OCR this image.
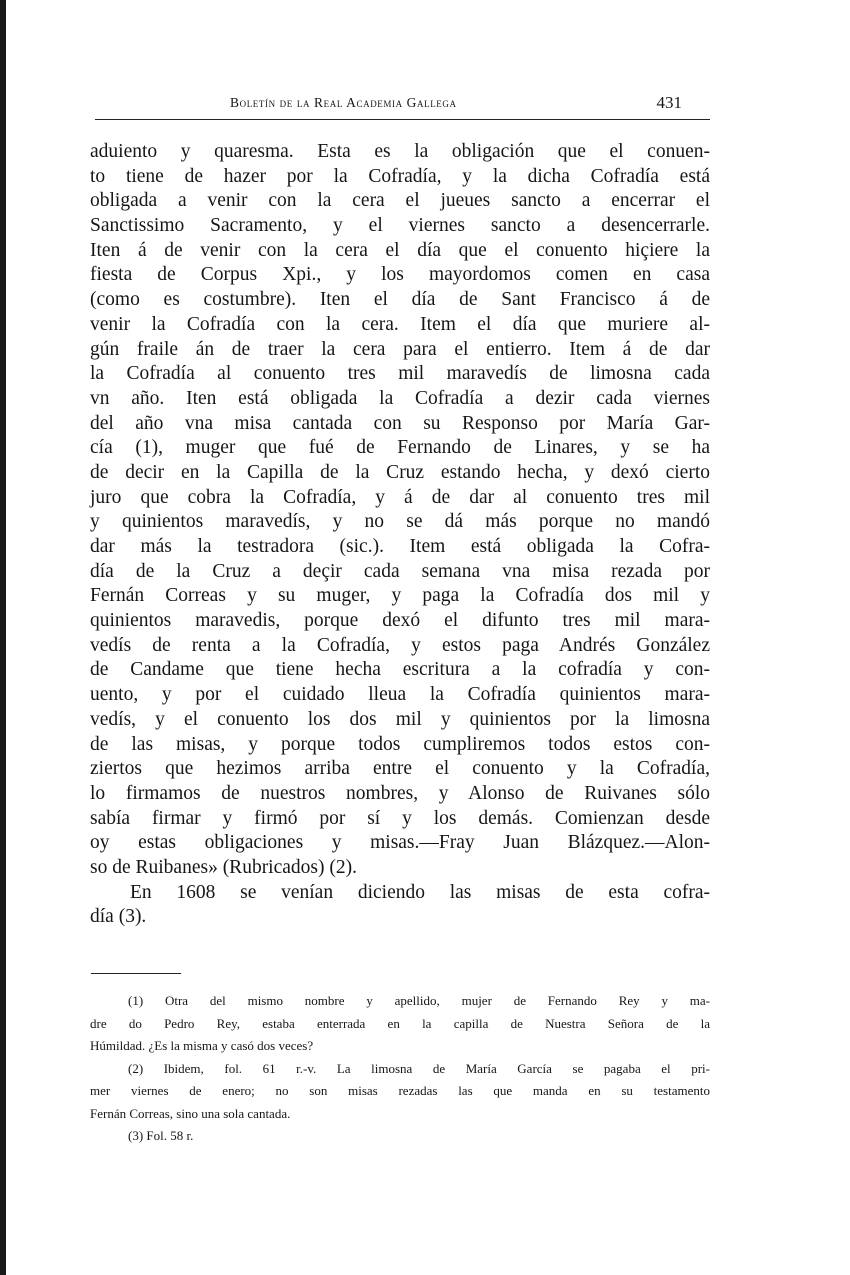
Boletín de la Real Academia Gallega	431
aduiento y quaresma. Esta es la obligación que el conuen-
to tiene de hazer por la Cofradía, y la dicha Cofradía está
obligada a venir con la cera el jueues sancto a encerrar el
Sanctissimo Sacramento, y el viernes sancto a desencerrarle.
Iten á de venir con la cera el día que el conuento hiçiere la
fiesta de Corpus Xpi., y los mayordomos comen en casa
(como es costumbre). Iten el día de Sant Francisco á de
venir la Cofradía con la cera. Item el día que muriere al-
gún fraile án de traer la cera para el entierro. Item á de dar
la Cofradía al conuento tres mil maravedís de limosna cada
vn año. Iten está obligada la Cofradía a dezir cada viernes
del año vna misa cantada con su Responso por María Gar-
cía (1), muger que fué de Fernando de Linares, y se ha
de decir en la Capilla de la Cruz estando hecha, y dexó cierto
juro que cobra la Cofradía, y á de dar al conuento tres mil
y quinientos maravedís, y no se dá más porque no mandó
dar más la testradora (sic.). Item está obligada la Cofra-
día de la Cruz a deçir cada semana vna misa rezada por
Fernán Correas y su muger, y paga la Cofradía dos mil y
quinientos maravedis, porque dexó el difunto tres mil mara-
vedís de renta a la Cofradía, y estos paga Andrés González
de Candame que tiene hecha escritura a la cofradía y con-
uento, y por el cuidado lleua la Cofradía quinientos mara-
vedís, y el conuento los dos mil y quinientos por la limosna
de las misas, y porque todos cumpliremos todos estos con-
ziertos que hezimos arriba entre el conuento y la Cofradía,
lo firmamos de nuestros nombres, y Alonso de Ruivanes sólo
sabía firmar y firmó por sí y los demás. Comienzan desde
oy estas obligaciones y misas.—Fray Juan Blázquez.—Alon-
so de Ruibanes» (Rubricados) (2).
En 1608 se venían diciendo las misas de esta cofra-
día (3).
(1) Otra del mismo nombre y apellido, mujer de Fernando Rey y ma-
dre do Pedro Rey, estaba enterrada en la capilla de Nuestra Señora de la
Húmildad. ¿Es la misma y casó dos veces?
(2) Ibidem, fol. 61 r.-v. La limosna de María García se pagaba el pri-
mer viernes de enero; no son misas rezadas las que manda en su testamento
Fernán Correas, sino una sola cantada.
(3) Fol. 58 r.
